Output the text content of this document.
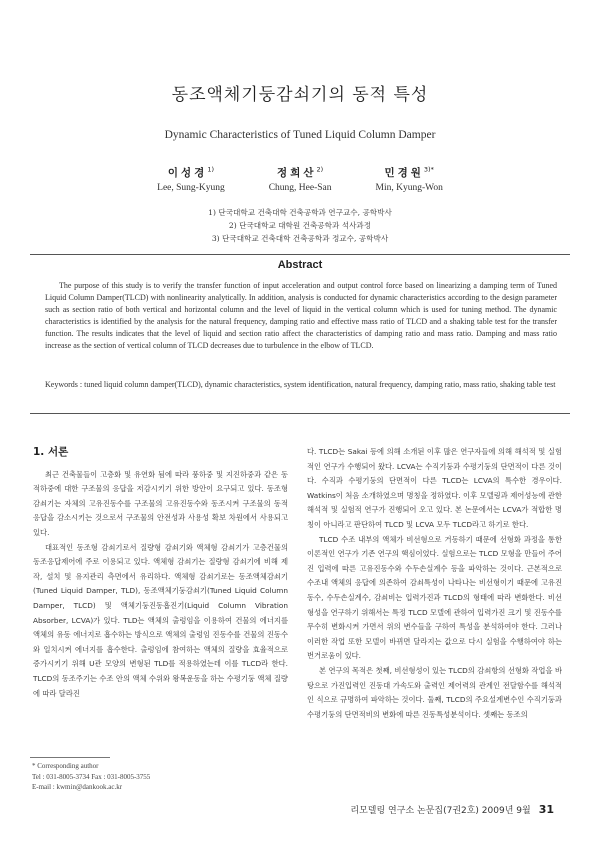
동조액체기둥감쇠기의 동적 특성
Dynamic Characteristics of Tuned Liquid Column Damper
이성경$^{1)}$
Lee, Sung-Kyung
정희산$^{2)}$
Chung, Hee-San
민경원$^{3)*}$
Min, Kyung-Won
1) 단국대학교 건축대학 건축공학과 연구교수, 공학박사
2) 단국대학교 대학원 건축공학과 석사과정
3) 단국대학교 건축대학 건축공학과 정교수, 공학박사
Abstract

The purpose of this study is to verify the transfer function of input acceleration and output control force based on linearizing a damping term of Tuned Liquid Column Damper(TLCD) with nonlinearity analytically. In addition, analysis is conducted for dynamic characteristics according to the design parameter such as section ratio of both vertical and horizontal column and the level of liquid in the vertical column which is used for tuning method. The dynamic characteristics is identified by the analysis for the natural frequency, damping ratio and effective mass ratio of TLCD and a shaking table test for the transfer function. The results indicates that the level of liquid and section ratio affect the characteristics of damping ratio and mass ratio. Damping and mass ratio increase as the section of vertical column of TLCD decreases due to turbulence in the elbow of TLCD.

Keywords : tuned liquid column damper(TLCD), dynamic characteristics, system identification, natural frequency, damping ratio, mass ratio, shaking table test

1. 서론

최근 건축물들이 고층화 및 유연화 됨에 따라 풍하중 및 지진하중과 같은 동적하중에 대한 구조물의 응답을 저감시키기 위한 방안이 요구되고 있다. 동조형 감쇠기는 자체의 고유진동수를 구조물의 고유진동수와 동조시켜 구조물의 동적응답을 감소시키는 것으로서 구조물의 안전성과 사용성 확보 차원에서 사용되고 있다.

대표적인 동조형 감쇠기로서 질량형 감쇠기와 액체형 감쇠기가 고층건물의 동조응답제어에 주로 이용되고 있다. 액체형 감쇠기는 질량형 감쇠기에 비해 제작, 설치 및 유지관리 측면에서 유리하다. 액체형 감쇠기로는 동조액체감쇠기(Tuned Liquid Damper, TLD), 동조액체기둥감쇠기(Tuned Liquid Column Damper, TLCD) 및 액체기둥진동흡진기(Liquid Column Vibration Absorber, LCVA)가 있다. TLD는 액체의 출렁임을 이용하여 건물의 에너지를 액체의 유동 에너지로 흡수하는 방식으로 액체의 출렁임 진동수를 건물의 진동수와 일치시켜 에너지를 흡수한다. 출렁임에 참여하는 액체의 질량을 효율적으로 증가시키기 위해 U관 모양의 변형된 TLD를 적용하였는데 이를 TLCD라 한다. TLCD의 동조주기는 수조 안의 액체 수위와 왕복운동을 하는 수평기둥 액체 질량에 따라 달라진

다. TLCD는 Sakai 등에 의해 소개된 이후 많은 연구자들에 의해 해석적 및 실험적인 연구가 수행되어 왔다. LCVA는 수직기둥과 수평기둥의 단면적이 다른 것이다. 수직과 수평기둥의 단면적이 다른 TLCD는 LCVA의 특수한 경우이다. Watkins이 처음 소개하였으며 명칭을 정하였다. 이후 모델링과 제어성능에 관한 해석적 및 실험적 연구가 진행되어 오고 있다. 본 논문에서는 LCVA가 적합한 명칭이 아니라고 판단하여 TLCD 및 LCVA 모두 TLCD라고 하기로 한다.

TLCD 수조 내부의 액체가 비선형으로 거동하기 때문에 선형화 과정을 통한 이론적인 연구가 기존 연구의 핵심이었다. 실험으로는 TLCD 모형을 만들어 주어진 입력에 따른 고유진동수와 수두손실계수 등을 파악하는 것이다. 근본적으로 수조내 액체의 응답에 의존하여 감쇠특성이 나타나는 비선형이기 때문에 고유진동수, 수두손실계수, 감쇠비는 입력가진과 TLCD의 형태에 따라 변화한다. 비선형성을 연구하기 위해서는 특정 TLCD 모델에 관하여 입력가진 크기 및 진동수를 무수히 변화시켜 가면서 위의 변수들을 구하여 특성을 분석하여야 한다. 그러나 이러한 작업 또한 모델이 바뀌면 달라지는 값으로 다시 실험을 수행하여야 하는 번거로움이 있다.

본 연구의 목적은 첫째, 비선형성이 있는 TLCD의 감쇠항의 선형화 작업을 바탕으로 가진입력인 진동대 가속도와 출력인 제어력의 관계인 전달함수를 해석적인 식으로 규명하여 파악하는 것이다. 둘째, TLCD의 주요설계변수인 수직기둥과 수평기둥의 단면적비의 변화에 따른 진동특성분석이다. 셋째는 동조의

* Corresponding author
Tel : 031-8005-3734 Fax : 031-8005-3755
E-mail : kwmin@dankook.ac.kr
리모델링 연구소 논문집(7권2호) 2009년 9월 31
